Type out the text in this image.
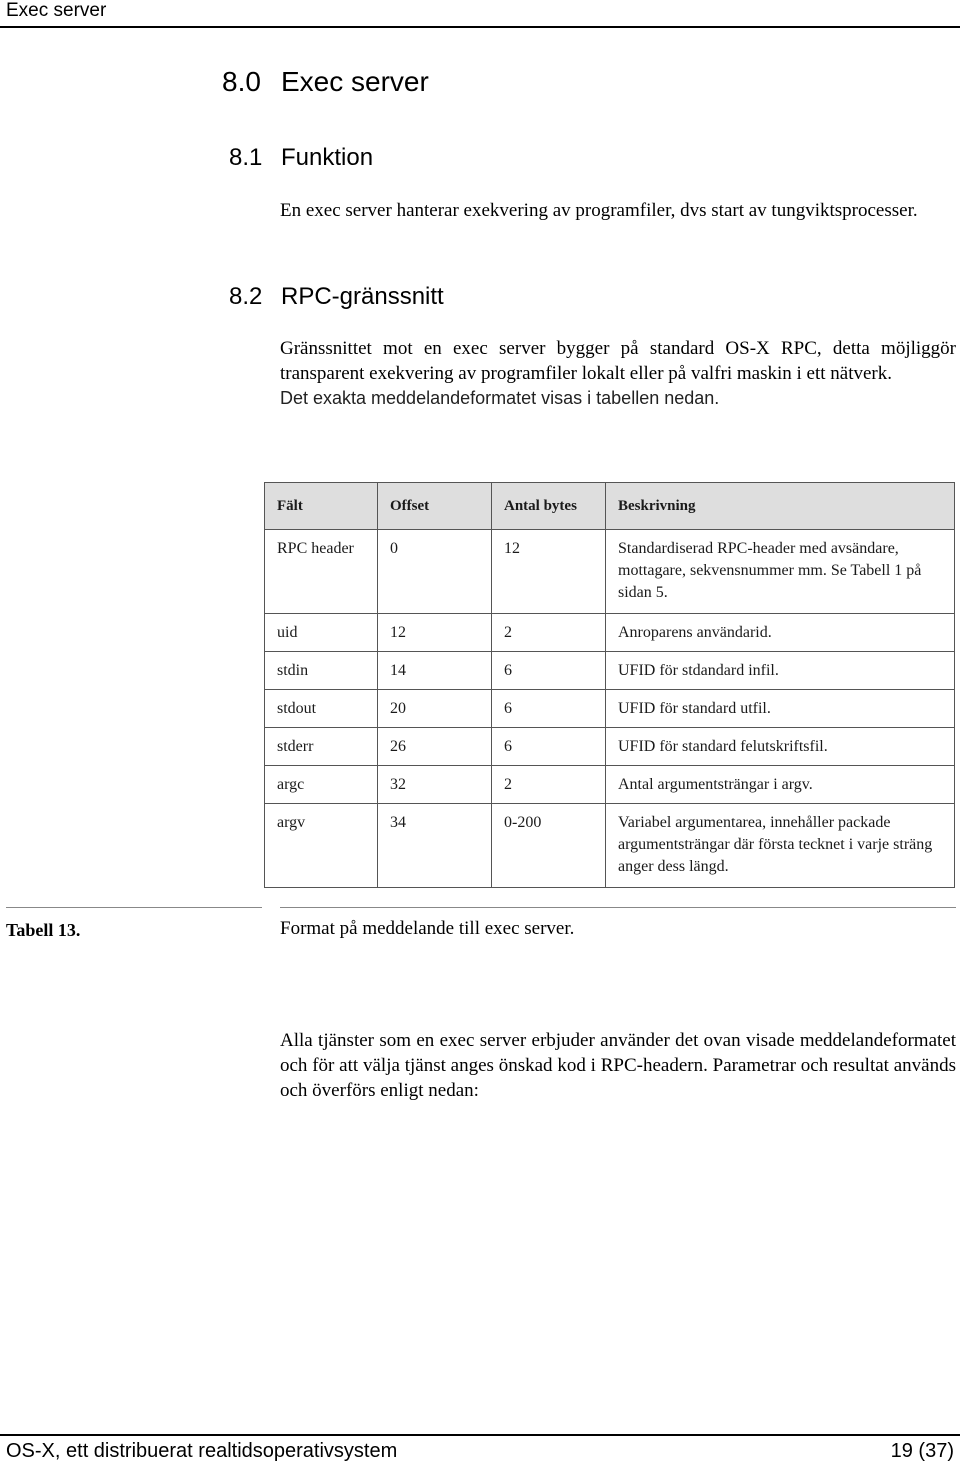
Exec server
8.0 Exec server
8.1 Funktion
En exec server hanterar exekvering av programfiler, dvs start av tungviktsprocesser.
8.2 RPC-gränssnitt
Gränssnittet mot en exec server bygger på standard OS-X RPC, detta möjliggör transparent exekvering av programfiler lokalt eller på valfri maskin i ett nätverk.
Det exakta meddelandeformatet visas i tabellen nedan.
Fält	Offset	Antal bytes	Beskrivning
RPC header	0	12	Standardiserad RPC-header med avsändare, mottagare, sekvensnummer mm. Se Tabell 1 på sidan 5.
uid	12	2	Anroparens användarid.
stdin	14	6	UFID för stdandard infil.
stdout	20	6	UFID för standard utfil.
stderr	26	6	UFID för standard felutskriftsfil.
argc	32	2	Antal argumentsträngar i argv.
argv	34	0-200	Variabel argumentarea, innehåller packade argumentsträngar där första tecknet i varje sträng anger dess längd.
Tabell 13.	Format på meddelande till exec server.
Alla tjänster som en exec server erbjuder använder det ovan visade meddelandeformatet och för att välja tjänst anges önskad kod i RPC-headern. Parametrar och resultat används och överförs enligt nedan:
OS-X, ett distribuerat realtidsoperativsystem	19 (37)
